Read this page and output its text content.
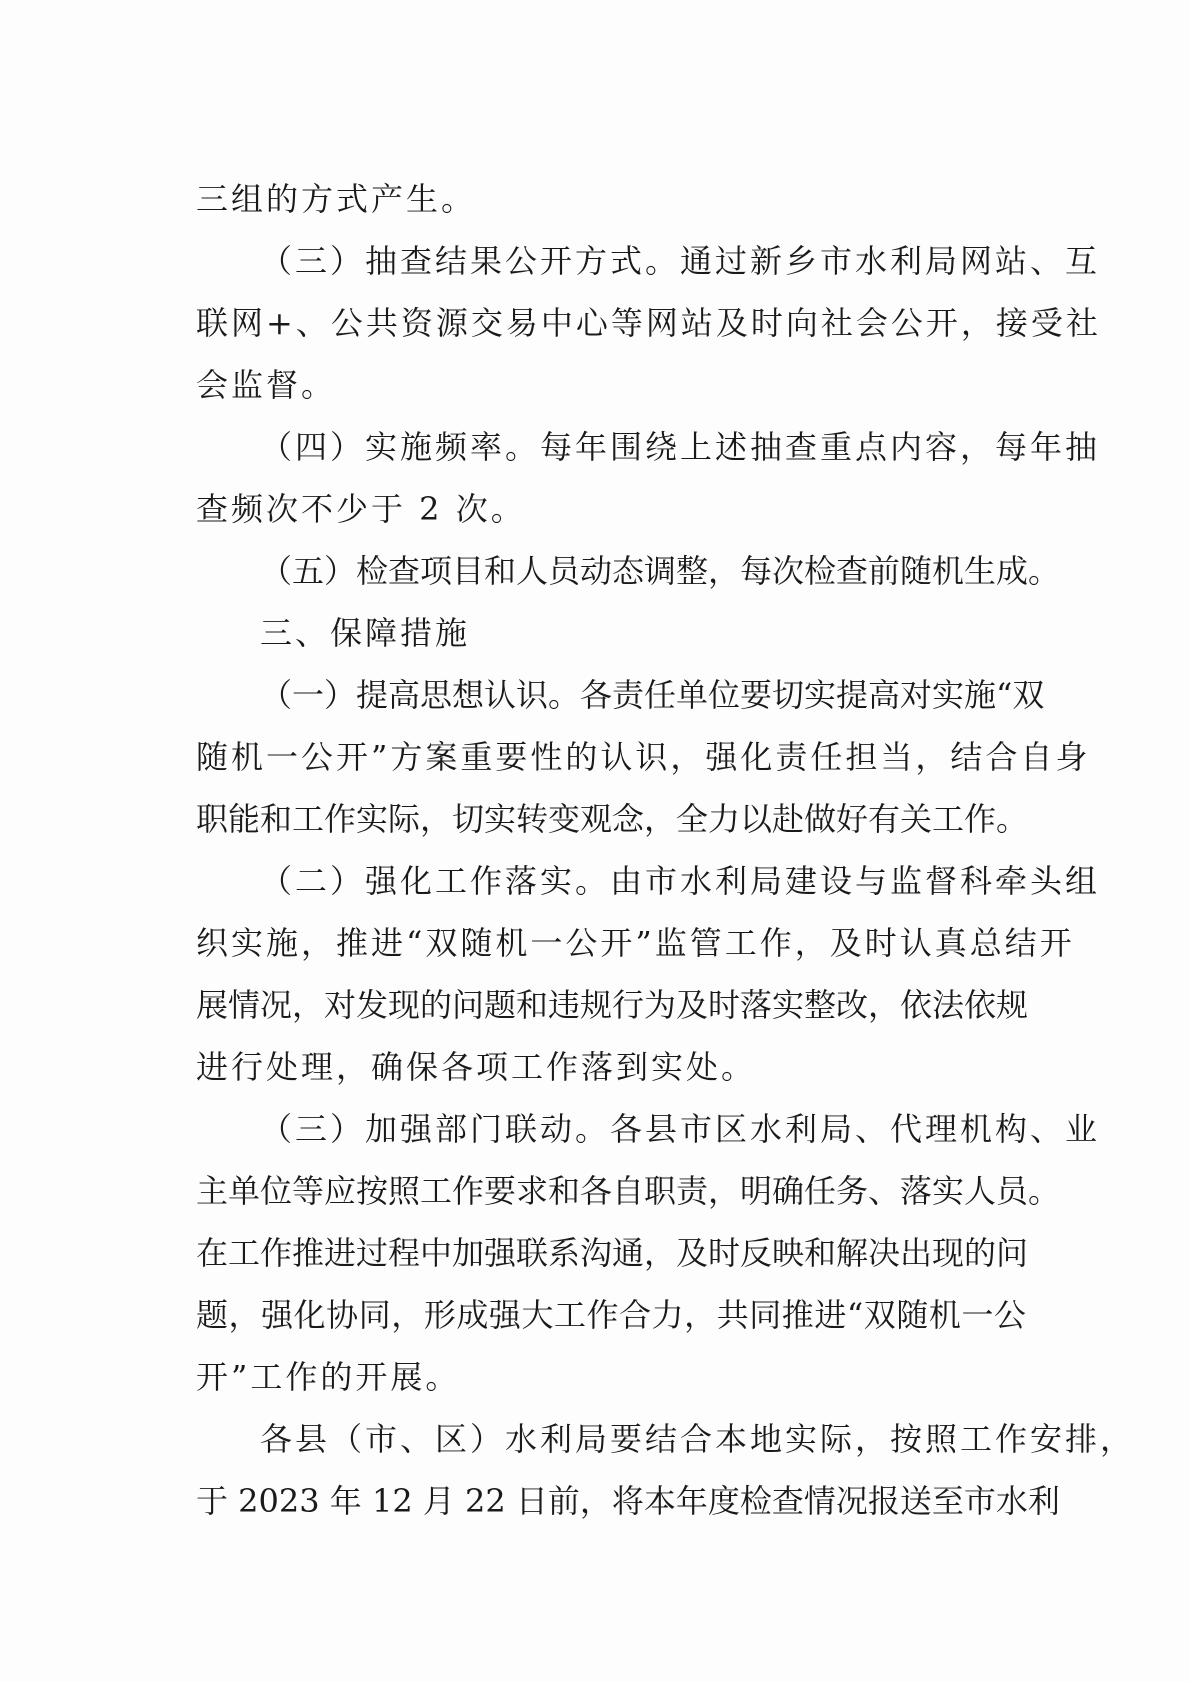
三组的方式产生。
（三）抽查结果公开方式。通过新乡市水利局网站、互
联网+、公共资源交易中心等网站及时向社会公开，接受社
会监督。
（四）实施频率。每年围绕上述抽查重点内容，每年抽
查频次不少于 2 次。
（五）检查项目和人员动态调整，每次检查前随机生成。
三、保障措施
（一）提高思想认识。各责任单位要切实提高对实施“双
随机一公开”方案重要性的认识，强化责任担当，结合自身
职能和工作实际，切实转变观念，全力以赴做好有关工作。
（二）强化工作落实。由市水利局建设与监督科牵头组
织实施，推进“双随机一公开”监管工作，及时认真总结开
展情况，对发现的问题和违规行为及时落实整改，依法依规
进行处理，确保各项工作落到实处。
（三）加强部门联动。各县市区水利局、代理机构、业
主单位等应按照工作要求和各自职责，明确任务、落实人员。
在工作推进过程中加强联系沟通，及时反映和解决出现的问
题，强化协同，形成强大工作合力，共同推进“双随机一公
开”工作的开展。
各县（市、区）水利局要结合本地实际，按照工作安排，
于 2023 年 12 月 22 日前，将本年度检查情况报送至市水利
